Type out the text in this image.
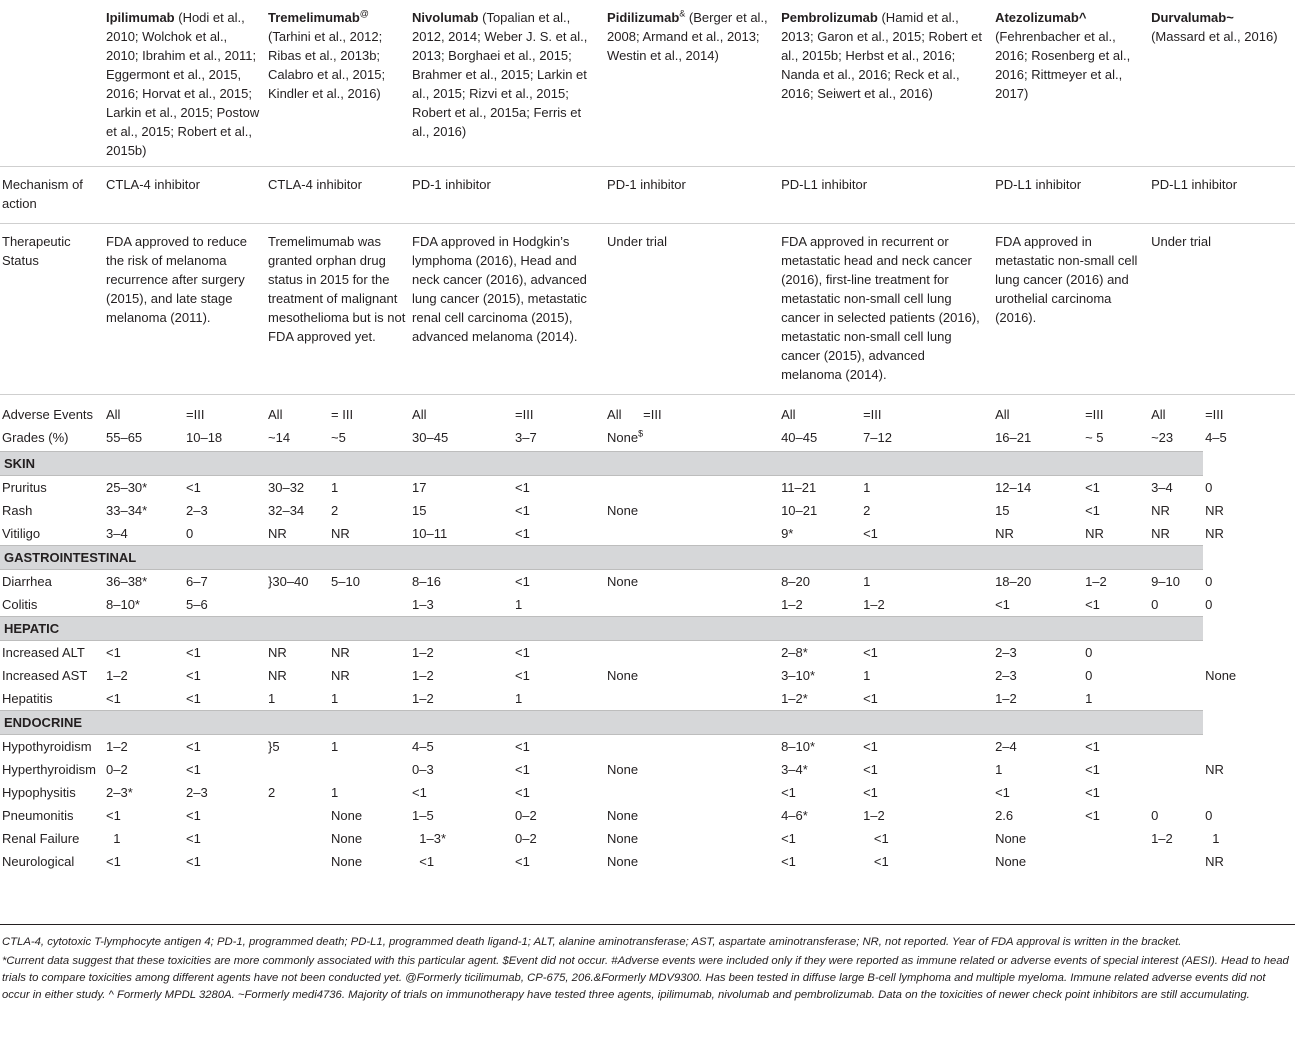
	Ipilimumab (Hodi et al., 2010; Wolchok et al., 2010; Ibrahim et al., 2011; Eggermont et al., 2015, 2016; Horvat et al., 2015; Larkin et al., 2015; Postow et al., 2015; Robert et al., 2015b)		Tremelimumab@ (Tarhini et al., 2012; Ribas et al., 2013b; Calabro et al., 2015; Kindler et al., 2016)		Nivolumab (Topalian et al., 2012, 2014; Weber J. S. et al., 2013; Borghaei et al., 2015; Brahmer et al., 2015; Larkin et al., 2015; Rizvi et al., 2015; Robert et al., 2015a; Ferris et al., 2016)		Pidilizumab& (Berger et al., 2008; Armand et al., 2013; Westin et al., 2014)	Pembrolizumab (Hamid et al., 2013; Garon et al., 2015; Robert et al., 2015b; Herbst et al., 2016; Nanda et al., 2016; Reck et al., 2016; Seiwert et al., 2016)		Atezolizumab^ (Fehrenbacher et al., 2016; Rosenberg et al., 2016; Rittmeyer et al., 2017)		Durvalumab~ (Massard et al., 2016)	
Mechanism of action	CTLA-4 inhibitor		CTLA-4 inhibitor		PD-1 inhibitor		PD-1 inhibitor	PD-L1 inhibitor		PD-L1 inhibitor		PD-L1 inhibitor	
Therapeutic Status	FDA approved to reduce the risk of melanoma recurrence after surgery (2015), and late stage melanoma (2011).		Tremelimumab was granted orphan drug status in 2015 for the treatment of malignant mesothelioma but is not FDA approved yet.		FDA approved in Hodgkin’s lymphoma (2016), Head and neck cancer (2016), advanced lung cancer (2015), metastatic renal cell carcinoma (2015), advanced melanoma (2014).		Under trial	FDA approved in recurrent or metastatic head and neck cancer (2016), first-line treatment for metastatic non-small cell lung cancer in selected patients (2016), metastatic non-small cell lung cancer (2015), advanced melanoma (2014).		FDA approved in metastatic non-small cell lung cancer (2016) and urothelial carcinoma (2016).		Under trial	
Adverse Events	All	=III	All	= III	All	=III	All      =III	All	=III	All	=III	All	=III
Grades (%)	55–65	10–18	~14	~5	30–45	3–7	None$	40–45	7–12	16–21	~ 5	~23	4–5
SKIN													
Pruritus	25–30*	<1	30–32	1	17	<1		11–21	1	12–14	<1	3–4	0
Rash	33–34*	2–3	32–34	2	15	<1	None	10–21	2	15	<1	NR	NR
Vitiligo	3–4	0	NR	NR	10–11	<1		9*	<1	NR	NR	NR	NR
GASTROINTESTINAL													
Diarrhea	36–38*	6–7	}30–40	5–10	8–16	<1	None	8–20	1	18–20	1–2	9–10	0
Colitis	8–10*	5–6			1–3	1		1–2	1–2	<1	<1	0	0
HEPATIC													
Increased ALT	<1	<1	NR	NR	1–2	<1		2–8*	<1	2–3	0		
Increased AST	1–2	<1	NR	NR	1–2	<1	None	3–10*	1	2–3	0		None
Hepatitis	<1	<1	1	1	1–2	1		1–2*	<1	1–2	1		
ENDOCRINE													
Hypothyroidism	1–2	<1	}5	1	4–5	<1		8–10*	<1	2–4	<1		
Hyperthyroidism	0–2	<1			0–3	<1	None	3–4*	<1	1	<1		NR
Hypophysitis	2–3*	2–3	2	1	<1	<1		<1	<1	<1	<1		
Pneumonitis	<1	<1		None	1–5	0–2	None	4–6*	1–2	2.6	<1	0	0
Renal Failure	1	<1		None	1–3*	0–2	None	<1	<1	None		1–2	1
Neurological	<1	<1		None	<1	<1	None	<1	<1	None			NR

CTLA-4, cytotoxic T-lymphocyte antigen 4; PD-1, programmed death; PD-L1, programmed death ligand-1; ALT, alanine aminotransferase; AST, aspartate aminotransferase; NR, not reported. Year of FDA approval is written in the bracket.

*Current data suggest that these toxicities are more commonly associated with this particular agent. $Event did not occur. #Adverse events were included only if they were reported as immune related or adverse events of special interest (AESI). Head to head trials to compare toxicities among different agents have not been conducted yet. @Formerly ticilimumab, CP-675, 206.&Formerly MDV9300. Has been tested in diffuse large B-cell lymphoma and multiple myeloma. Immune related adverse events did not occur in either study. ^ Formerly MPDL 3280A. ~Formerly medi4736. Majority of trials on immunotherapy have tested three agents, ipilimumab, nivolumab and pembrolizumab. Data on the toxicities of newer check point inhibitors are still accumulating.
